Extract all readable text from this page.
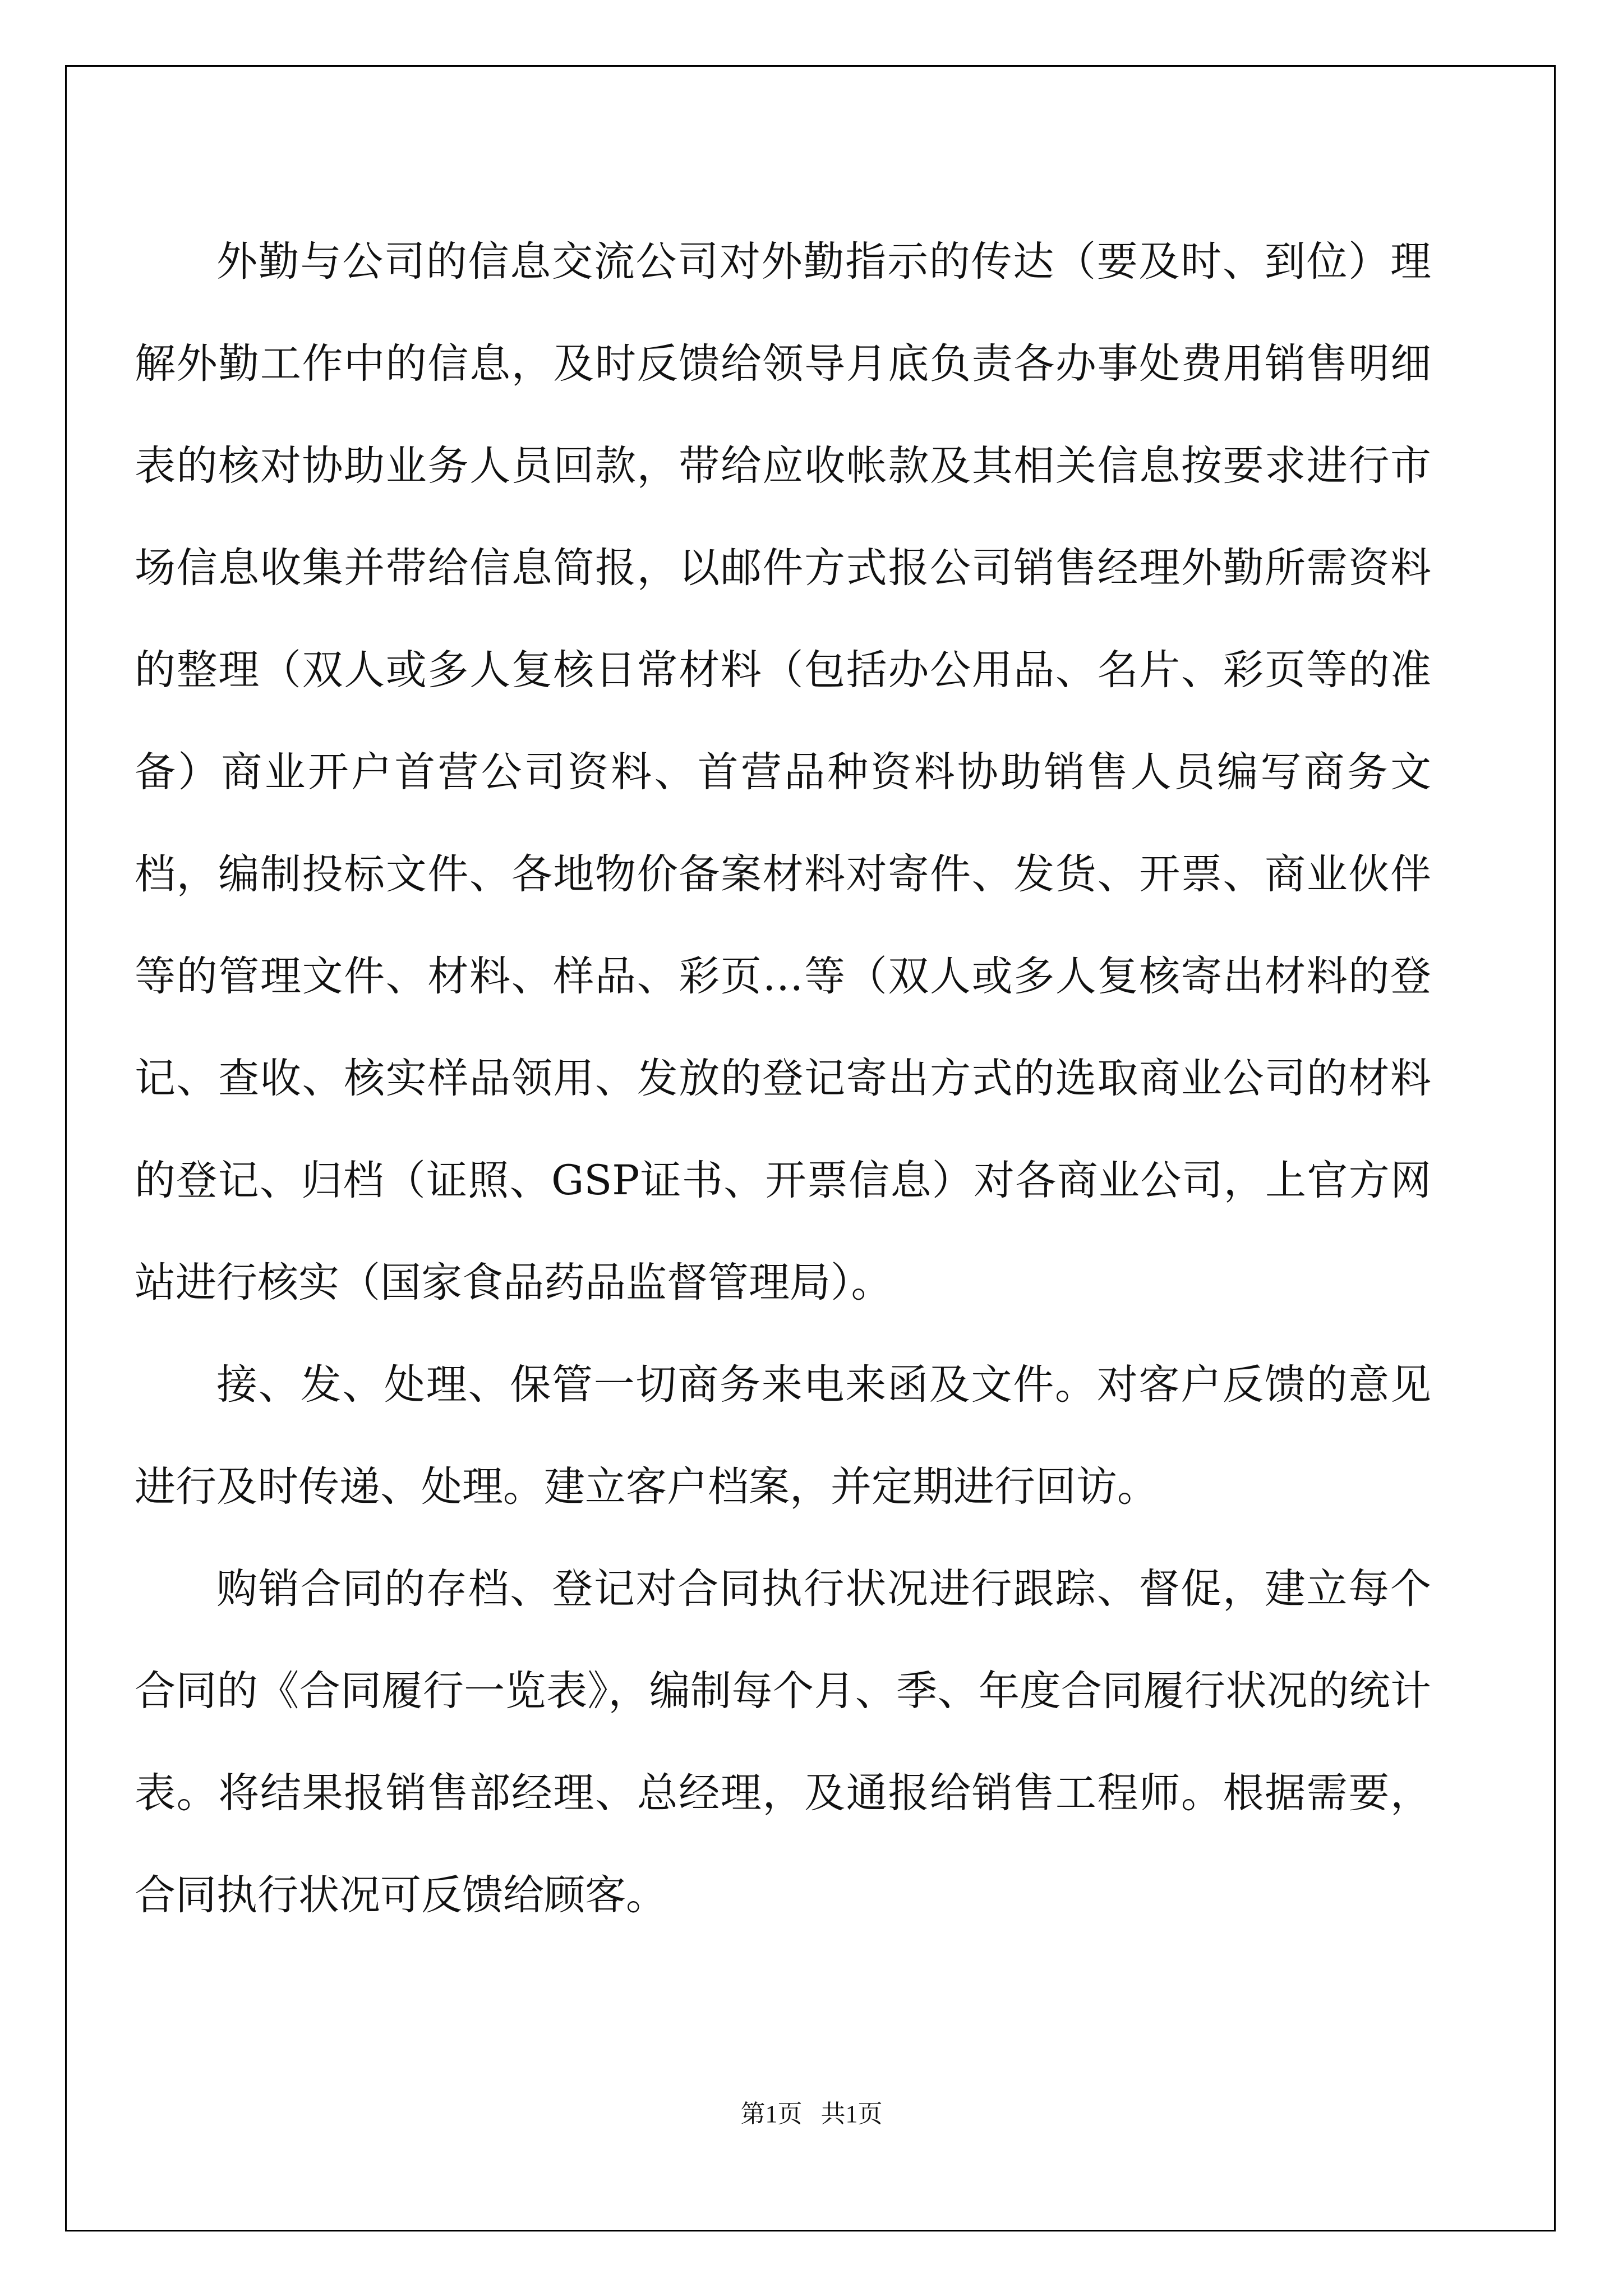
外勤与公司的信息交流公司对外勤指示的传达（要及时、到位）理解外勤工作中的信息，及时反馈给领导月底负责各办事处费用销售明细表的核对协助业务人员回款，带给应收帐款及其相关信息按要求进行市场信息收集并带给信息简报，以邮件方式报公司销售经理外勤所需资料的整理（双人或多人复核日常材料（包括办公用品、名片、彩页等的准备）商业开户首营公司资料、首营品种资料协助销售人员编写商务文档，编制投标文件、各地物价备案材料对寄件、发货、开票、商业伙伴等的管理文件、材料、样品、彩页…等（双人或多人复核寄出材料的登记、查收、核实样品领用、发放的登记寄出方式的选取商业公司的材料的登记、归档（证照、GSP证书、开票信息）对各商业公司，上官方网站进行核实（国家食品药品监督管理局）。

接、发、处理、保管一切商务来电来函及文件。对客户反馈的意见进行及时传递、处理。建立客户档案，并定期进行回访。

购销合同的存档、登记对合同执行状况进行跟踪、督促，建立每个合同的《合同履行一览表》，编制每个月、季、年度合同履行状况的统计表。将结果报销售部经理、总经理，及通报给销售工程师。根据需要，合同执行状况可反馈给顾客。

第1页   共1页
